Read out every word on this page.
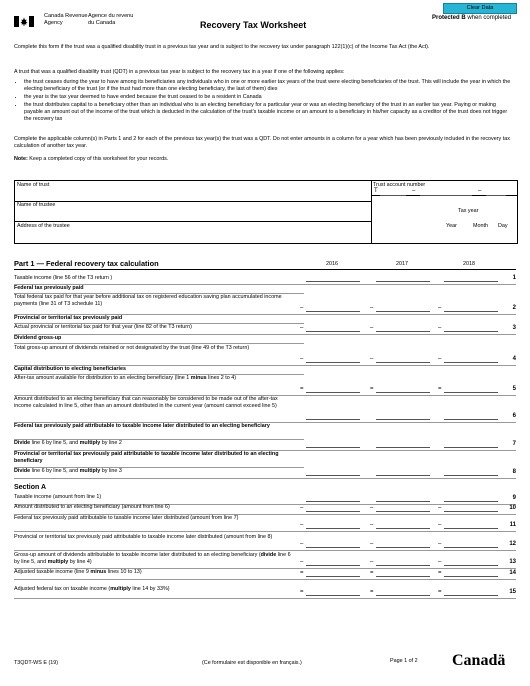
Canada Revenue
Agency
Agence du revenu
du Canada	Recovery Tax Worksheet
Clear Data
Protected B when completed
Complete this form if the trust was a qualified disability trust in a previous tax year and is subject to the recovery tax under paragraph 122(1)(c) of the Income Tax Act (the Act).
A trust that was a qualified disability trust (QDT) in a previous tax year is subject to the recovery tax in a year if one of the following applies:
• the trust ceases during the year to have among its beneficiaries any individuals who in one or more earlier tax years of the trust were electing beneficiaries of the trust. This will include the year in which the electing beneficiary of the trust (or if the trust had more than one electing beneficiary, the last of them) dies
• the year is the tax year deemed to have ended because the trust ceased to be a resident in Canada
• the trust distributes capital to a beneficiary other than an individual who is an electing beneficiary for a particular year or was an electing beneficiary of the trust in an earlier tax year. Paying or making payable an amount out of the income of the trust which is deducted in the calculation of the trust's taxable income or an amount to a beneficiary in his/her capacity as a creditor of the trust does not trigger the recovery tax
Complete the applicable column(s) in Parts 1 and 2 for each of the previous tax year(s) the trust was a QDT. Do not enter amounts in a column for a year which has been previously included in the recovery tax calculation of another tax year.
Note: Keep a completed copy of this worksheet for your records.
Name of trust	Trust account number
T	–	–
Name of trustee
Tax year
Address of the trustee	Year	Month Day
Part 1 — Federal recovery tax calculation	2016	2017	2018
Taxable income (line 56 of the T3 return )	1
Federal tax previously paid
Total federal tax paid for that year before additional tax on registered education saving plan accumulated income payments (line 31 of T3 schedule 11)
–	–	–	2
Provincial or territorial tax previously paid
Actual provincial or territorial tax paid for that year (line 82 of the T3 return)	–	–	–	3
Dividend gross-up
Total gross-up amount of dividends retained or not designated by the trust (line 49 of the T3 return)
–	–	–	4
Capital distribution to electing beneficiaries
After-tax amount available for distribution to an electing beneficiary (line 1 minus lines 2 to 4)
=	=	=	5
Amount distributed to an electing beneficiary that can reasonably be considered to be made out of the after-tax income calculated in line 5, other than an amount distributed in the current year (amount cannot exceed line 5)
6
Federal tax previously paid attributable to taxable income later distributed to an electing beneficiary
Divide line 6 by line 5, and multiply by line 2	7
Provincial or territorial tax previously paid attributable to taxable income later distributed to an electing beneficiary
Divide line 6 by line 5, and multiply by line 3	8
Section A
Taxable income (amount from line 1)	9
Amount distributed to an electing beneficiary (amount from line 6)	–	–	–	10
Federal tax previously paid attributable to taxable income later distributed (amount from line 7)
–	–	–	11
Provincial or territorial tax previously paid attributable to taxable income later distributed (amount from line 8)
–	–	–	12
Gross-up amount of dividends attributable to taxable income later distributed to an electing beneficiary (divide line 6 by line 5, and multiply by line 4)	–	–	–	13
Adjusted taxable income (line 9 minus lines 10 to 13)	=	=	=	14
Adjusted federal tax on taxable income (multiply line 14 by 33%)	=	=	=	15
T3QDT-WS E (19)	(Ce formulaire est disponible en français.)	Page 1 of 2 Canadä
